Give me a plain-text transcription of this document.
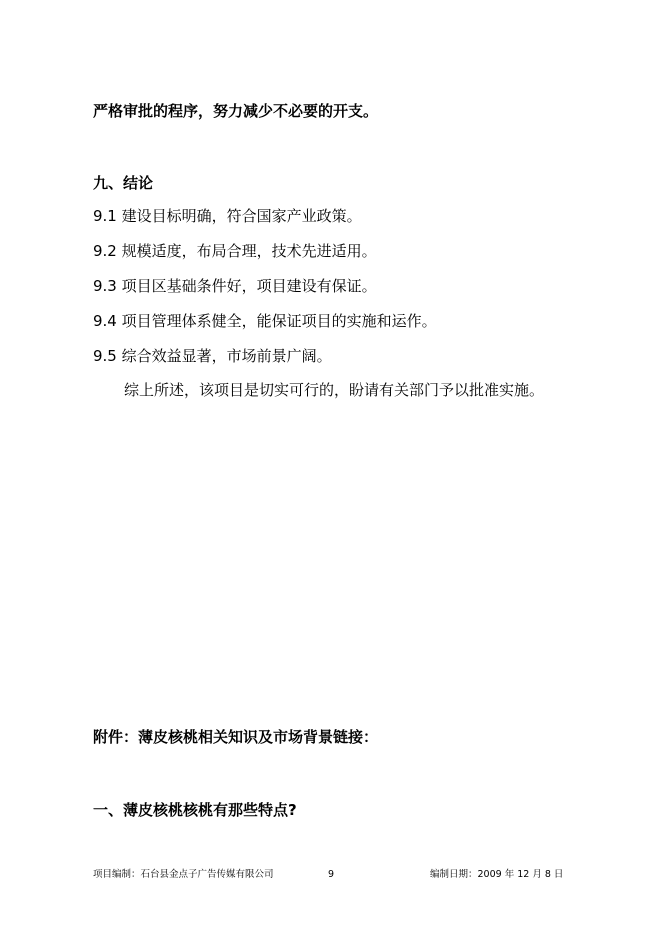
严格审批的程序，努力减少不必要的开支。
九、结论
9.1 建设目标明确，符合国家产业政策。
9.2 规模适度，布局合理，技术先进适用。
9.3 项目区基础条件好，项目建设有保证。
9.4 项目管理体系健全，能保证项目的实施和运作。
9.5 综合效益显著，市场前景广阔。
综上所述，该项目是切实可行的，盼请有关部门予以批准实施。
附件：薄皮核桃相关知识及市场背景链接：
一、薄皮核桃核桃有那些特点?
项目编制：石台县金点子广告传媒有限公司	9	编制日期：2009 年 12 月 8 日
